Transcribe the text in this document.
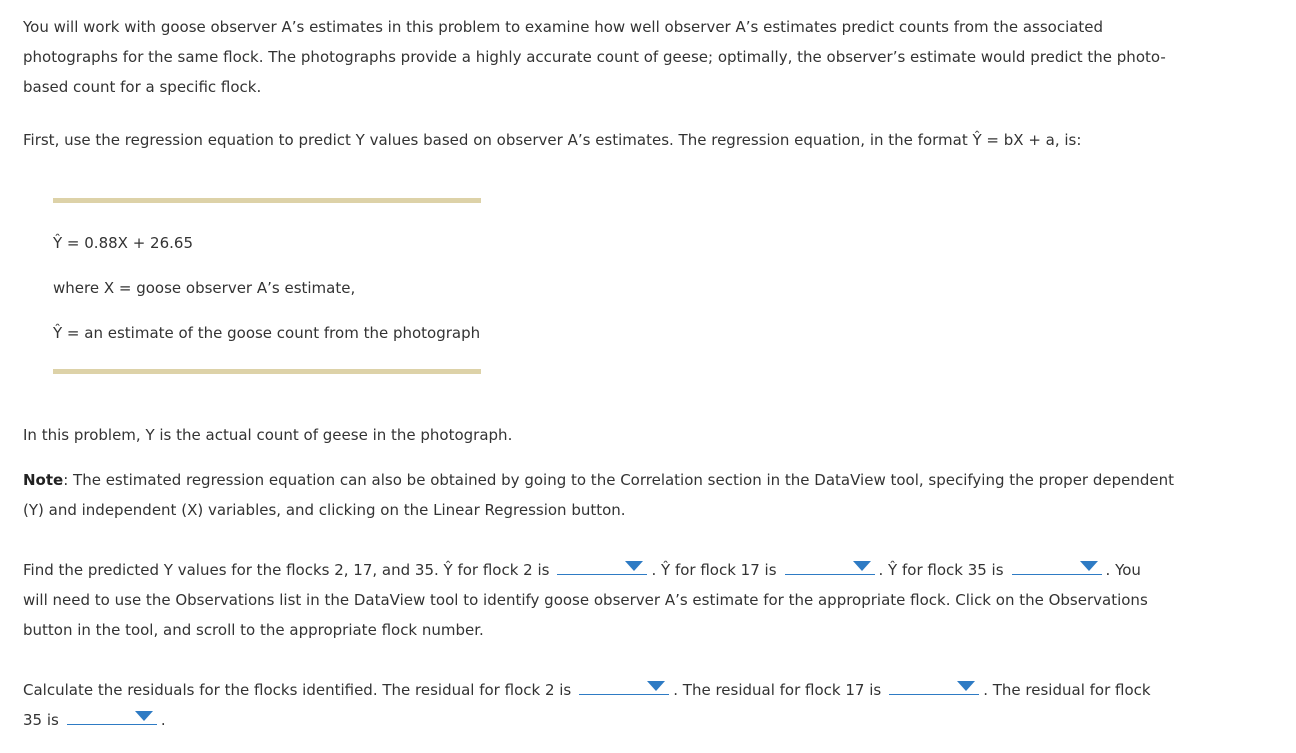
You will work with goose observer A’s estimates in this problem to examine how well observer A’s estimates predict counts from the associated photographs for the same flock. The photographs provide a highly accurate count of geese; optimally, the observer’s estimate would predict the photo-based count for a specific flock.

First, use the regression equation to predict Y values based on observer A’s estimates. The regression equation, in the format Ŷ = bX + a, is:

Ŷ = 0.88X + 26.65
where X = goose observer A’s estimate,
Ŷ = an estimate of the goose count from the photograph

In this problem, Y is the actual count of geese in the photograph.

Note: The estimated regression equation can also be obtained by going to the Correlation section in the DataView tool, specifying the proper dependent (Y) and independent (X) variables, and clicking on the Linear Regression button.

Find the predicted Y values for the flocks 2, 17, and 35. Ŷ for flock 2 is	. Ŷ for flock 17 is	. Ŷ for flock 35 is	. You will need to use the Observations list in the DataView tool to identify goose observer A’s estimate for the appropriate flock. Click on the Observations button in the tool, and scroll to the appropriate flock number.

Calculate the residuals for the flocks identified. The residual for flock 2 is	. The residual for flock 17 is	. The residual for flock 35 is	.
